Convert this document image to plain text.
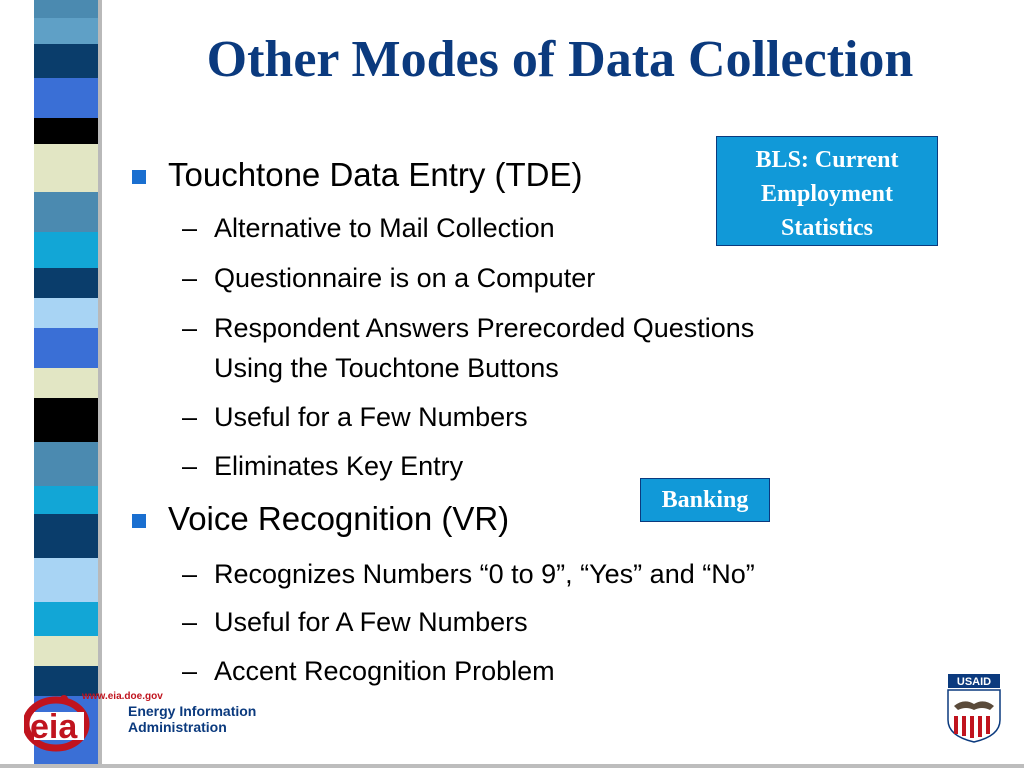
Other Modes of Data Collection
Touchtone Data Entry (TDE)
– Alternative to Mail Collection
– Questionnaire is on a Computer
– Respondent Answers Prerecorded Questions
Using the Touchtone Buttons
– Useful for a Few Numbers
– Eliminates Key Entry
Voice Recognition (VR)
– Recognizes Numbers “0 to 9”, “Yes” and “No”
– Useful for A Few Numbers
– Accent Recognition Problem
BLS: Current
Employment
Statistics
Banking
www.eia.doe.gov
eia	Energy Information
Administration
USAID
